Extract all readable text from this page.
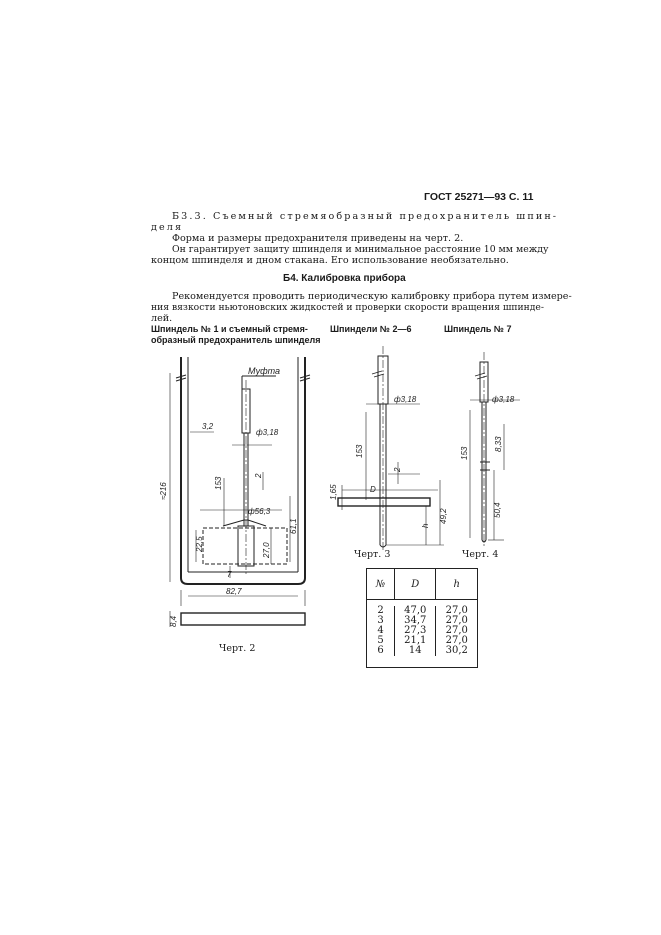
ГОСТ 25271—93 С. 11
Б3.3. Съемный стремяобразный предохранитель шпин-
деля
Форма и размеры предохранителя приведены на черт. 2.
Он гарантирует защиту шпинделя и минимальное расстояние 10 мм между
концом шпинделя и дном стакана. Его использование необязательно.
Б4. Калибровка прибора
Рекомендуется проводить периодическую калибровку прибора путем измере-
ния вязкости ньютоновских жидкостей и проверки скорости вращения шпинде-
лей.
Шпиндель № 1 и съемный стремя-
образный предохранитель шпинделя
Шпиндели № 2—6	Шпиндель № 7
Муфта
ф3,18
3,2
≈216	153
2
ф56,3
61,1
22,5	27,0
7
82,7
8,4
ф3,18
153
2
1,65	D
h
49,2
ф3,18
153
8,33
50,4
Черт. 2
Черт. 3	Черт. 4
№	D	h

2	47,0	27,0
3	34,7	27,0
4	27,3	27,0
5	21,1	27,0
6	14	30,2
